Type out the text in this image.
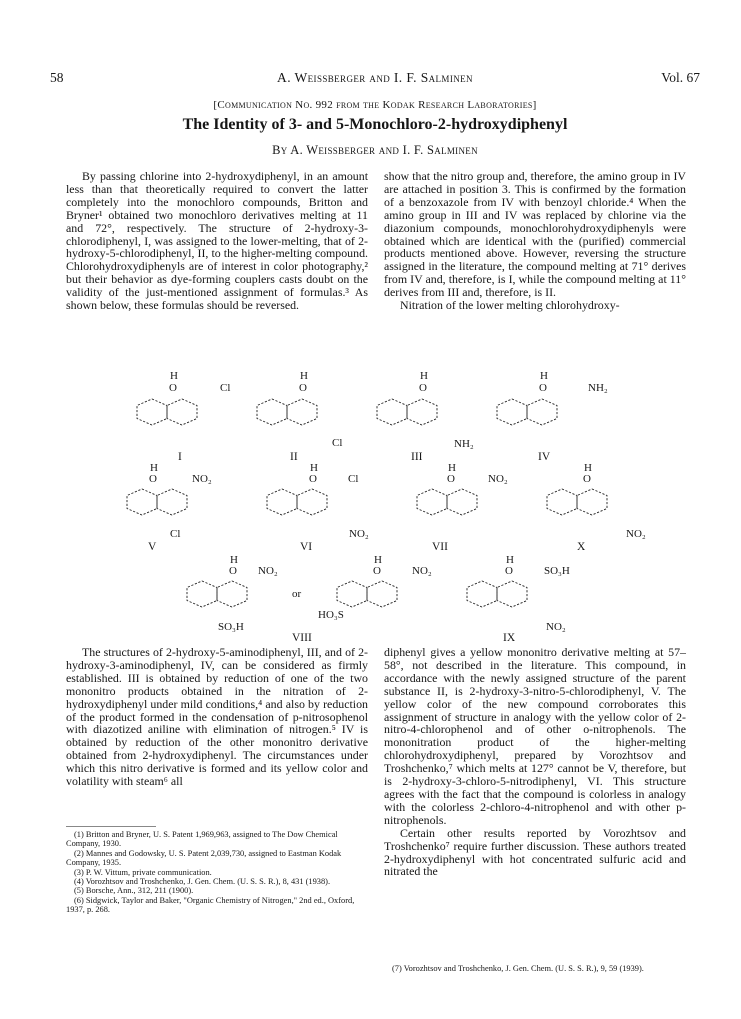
58	A. Weissberger and I. F. Salminen	Vol. 67
[Communication No. 992 from the Kodak Research Laboratories]
The Identity of 3- and 5-Monochloro-2-hydroxydiphenyl
By A. Weissberger and I. F. Salminen

By passing chlorine into 2-hydroxydiphenyl, in an amount less than that theoretically required to convert the latter completely into the monochloro compounds, Britton and Bryner¹ obtained two monochloro derivatives melting at 11 and 72°, respectively. The structure of 2-hydroxy-3-chlorodiphenyl, I, was assigned to the lower-melting, that of 2-hydroxy-5-chlorodiphenyl, II, to the higher-melting compound. Chlorohydroxydiphenyls are of interest in color photography,² but their behavior as dye-forming couplers casts doubt on the validity of the just-mentioned assignment of formulas.³ As shown below, these formulas should be reversed.

show that the nitro group and, therefore, the amino group in IV are attached in position 3. This is confirmed by the formation of a benzoxazole from IV with benzoyl chloride.⁴ When the amino group in III and IV was replaced by chlorine via the diazonium compounds, monochlorohydroxydiphenyls were obtained which are identical with the (purified) commercial products mentioned above. However, reversing the structure assigned in the literature, the compound melting at 71° derives from IV and, therefore, is I, while the compound melting at 11° derives from III and, therefore, is II.

Nitration of the lower melting chlorohydroxy-

H
O	Cl
I
H
O
Cl
II
H
O
NH₂
III
H
O	NH₂
IV
H
O	NO₂
Cl
V
H
O	Cl
NO₂
VI
H
O	NO₂
VII
H
O
NO₂
X
H
O NO₂
SO₃H
or
H
O	NO₂
HO₃S
VIII
H
O	SO₃H
NO₂
IX

The structures of 2-hydroxy-5-aminodiphenyl, III, and of 2-hydroxy-3-aminodiphenyl, IV, can be considered as firmly established. III is obtained by reduction of one of the two mononitro products obtained in the nitration of 2-hydroxydiphenyl under mild conditions,⁴ and also by reduction of the product formed in the condensation of p-nitrosophenol with diazotized aniline with elimination of nitrogen.⁵ IV is obtained by reduction of the other mononitro derivative obtained from 2-hydroxydiphenyl. The circumstances under which this nitro derivative is formed and its yellow color and volatility with steam⁶ all

(1) Britton and Bryner, U. S. Patent 1,969,963, assigned to The Dow Chemical Company, 1930.
(2) Mannes and Godowsky, U. S. Patent 2,039,730, assigned to Eastman Kodak Company, 1935.
(3) P. W. Vittum, private communication.
(4) Vorozhtsov and Troshchenko, J. Gen. Chem. (U. S. S. R.), 8, 431 (1938).
(5) Borsche, Ann., 312, 211 (1900).
(6) Sidgwick, Taylor and Baker, "Organic Chemistry of Nitrogen," 2nd ed., Oxford, 1937, p. 268.

diphenyl gives a yellow mononitro derivative melting at 57–58°, not described in the literature. This compound, in accordance with the newly assigned structure of the parent substance II, is 2-hydroxy-3-nitro-5-chlorodiphenyl, V. The yellow color of the new compound corroborates this assignment of structure in analogy with the yellow color of 2-nitro-4-chlorophenol and of other o-nitrophenols. The mononitration product of the higher-melting chlorohydroxydiphenyl, prepared by Vorozhtsov and Troshchenko,⁷ which melts at 127° cannot be V, therefore, but is 2-hydroxy-3-chloro-5-nitrodiphenyl, VI. This structure agrees with the fact that the compound is colorless in analogy with the colorless 2-chloro-4-nitrophenol and with other p-nitrophenols.

Certain other results reported by Vorozhtsov and Troshchenko⁷ require further discussion. These authors treated 2-hydroxydiphenyl with hot concentrated sulfuric acid and nitrated the

(7) Vorozhtsov and Troshchenko, J. Gen. Chem. (U. S. S. R.), 9, 59 (1939).
